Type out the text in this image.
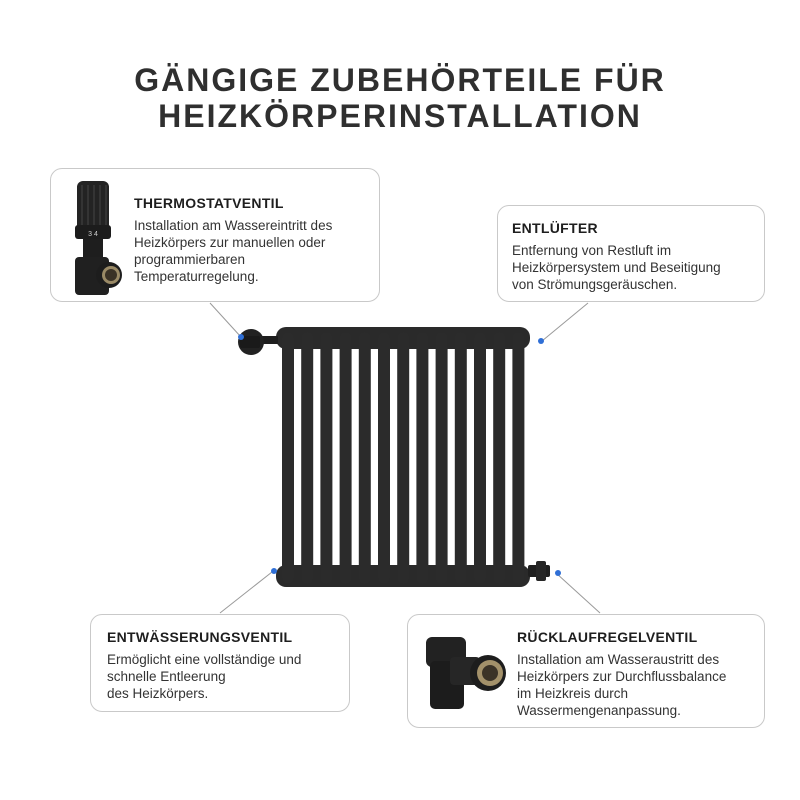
GÄNGIGE ZUBEHÖRTEILE FÜR
HEIZKÖRPERINSTALLATION
3 4
THERMOSTATVENTIL

Installation am Wassereintritt des
Heizkörpers zur manuellen oder
programmierbaren
Temperaturregelung.

ENTLÜFTER

Entfernung von Restluft im
Heizkörpersystem und Beseitigung
von Strömungsgeräuschen.

ENTWÄSSERUNGSVENTIL

Ermöglicht eine vollständige und
schnelle Entleerung
des Heizkörpers.

RÜCKLAUFREGELVENTIL

Installation am Wasseraustritt des
Heizkörpers zur Durchflussbalance
im Heizkreis durch
Wassermengenanpassung.
